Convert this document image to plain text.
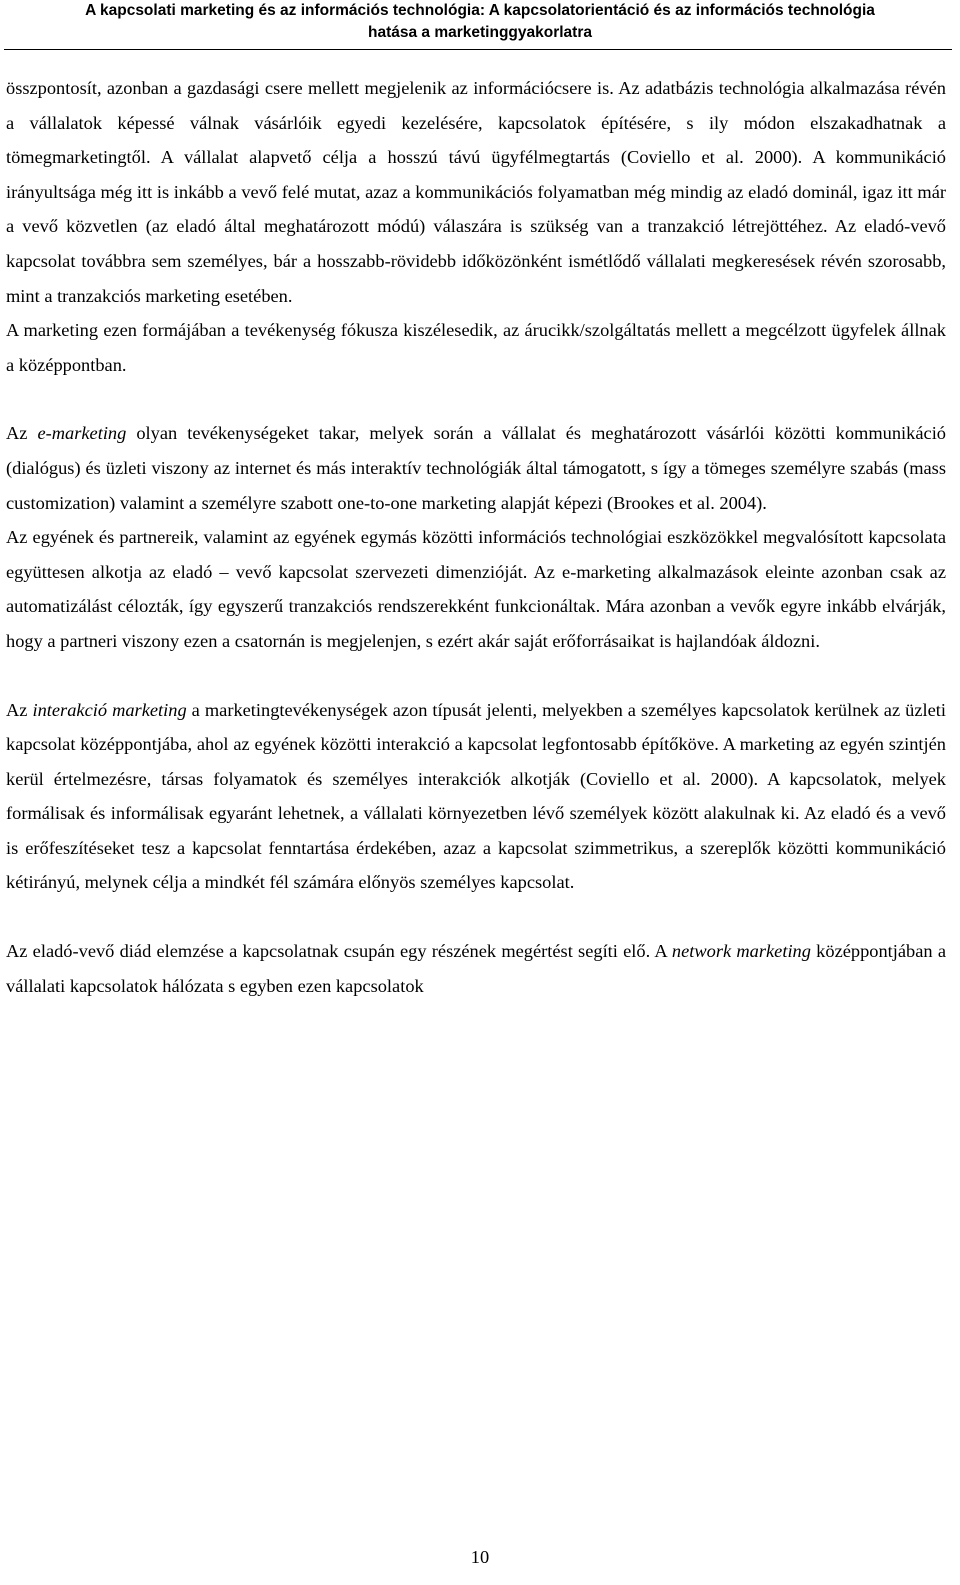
A kapcsolati marketing és az információs technológia: A kapcsolatorientáció és az információs technológia
hatása a marketinggyakorlatra

összpontosít, azonban a gazdasági csere mellett megjelenik az információcsere is. Az adatbázis technológia alkalmazása révén a vállalatok képessé válnak vásárlóik egyedi kezelésére, kapcsolatok építésére, s ily módon elszakadhatnak a tömegmarketingtől. A vállalat alapvető célja a hosszú távú ügyfélmegtartás (Coviello et al. 2000). A kommunikáció irányultsága még itt is inkább a vevő felé mutat, azaz a kommunikációs folyamatban még mindig az eladó dominál, igaz itt már a vevő közvetlen (az eladó által meghatározott módú) válaszára is szükség van a tranzakció létrejöttéhez. Az eladó-vevő kapcsolat továbbra sem személyes, bár a hosszabb-rövidebb időközönként ismétlődő vállalati megkeresések révén szorosabb, mint a tranzakciós marketing esetében.

A marketing ezen formájában a tevékenység fókusza kiszélesedik, az árucikk/szolgáltatás mellett a megcélzott ügyfelek állnak a középpontban.

Az e-marketing olyan tevékenységeket takar, melyek során a vállalat és meghatározott vásárlói közötti kommunikáció (dialógus) és üzleti viszony az internet és más interaktív technológiák által támogatott, s így a tömeges személyre szabás (mass customization) valamint a személyre szabott one-to-one marketing alapját képezi (Brookes et al. 2004).

Az egyének és partnereik, valamint az egyének egymás közötti információs technológiai eszközökkel megvalósított kapcsolata együttesen alkotja az eladó – vevő kapcsolat szervezeti dimenzióját. Az e-marketing alkalmazások eleinte azonban csak az automatizálást célozták, így egyszerű tranzakciós rendszerekként funkcionáltak. Mára azonban a vevők egyre inkább elvárják, hogy a partneri viszony ezen a csatornán is megjelenjen, s ezért akár saját erőforrásaikat is hajlandóak áldozni.

Az interakció marketing a marketingtevékenységek azon típusát jelenti, melyekben a személyes kapcsolatok kerülnek az üzleti kapcsolat középpontjába, ahol az egyének közötti interakció a kapcsolat legfontosabb építőköve. A marketing az egyén szintjén kerül értelmezésre, társas folyamatok és személyes interakciók alkotják (Coviello et al. 2000). A kapcsolatok, melyek formálisak és informálisak egyaránt lehetnek, a vállalati környezetben lévő személyek között alakulnak ki. Az eladó és a vevő is erőfeszítéseket tesz a kapcsolat fenntartása érdekében, azaz a kapcsolat szimmetrikus, a szereplők közötti kommunikáció kétirányú, melynek célja a mindkét fél számára előnyös személyes kapcsolat.

Az eladó-vevő diád elemzése a kapcsolatnak csupán egy részének megértést segíti elő. A network marketing középpontjában a vállalati kapcsolatok hálózata s egyben ezen kapcsolatok

10
